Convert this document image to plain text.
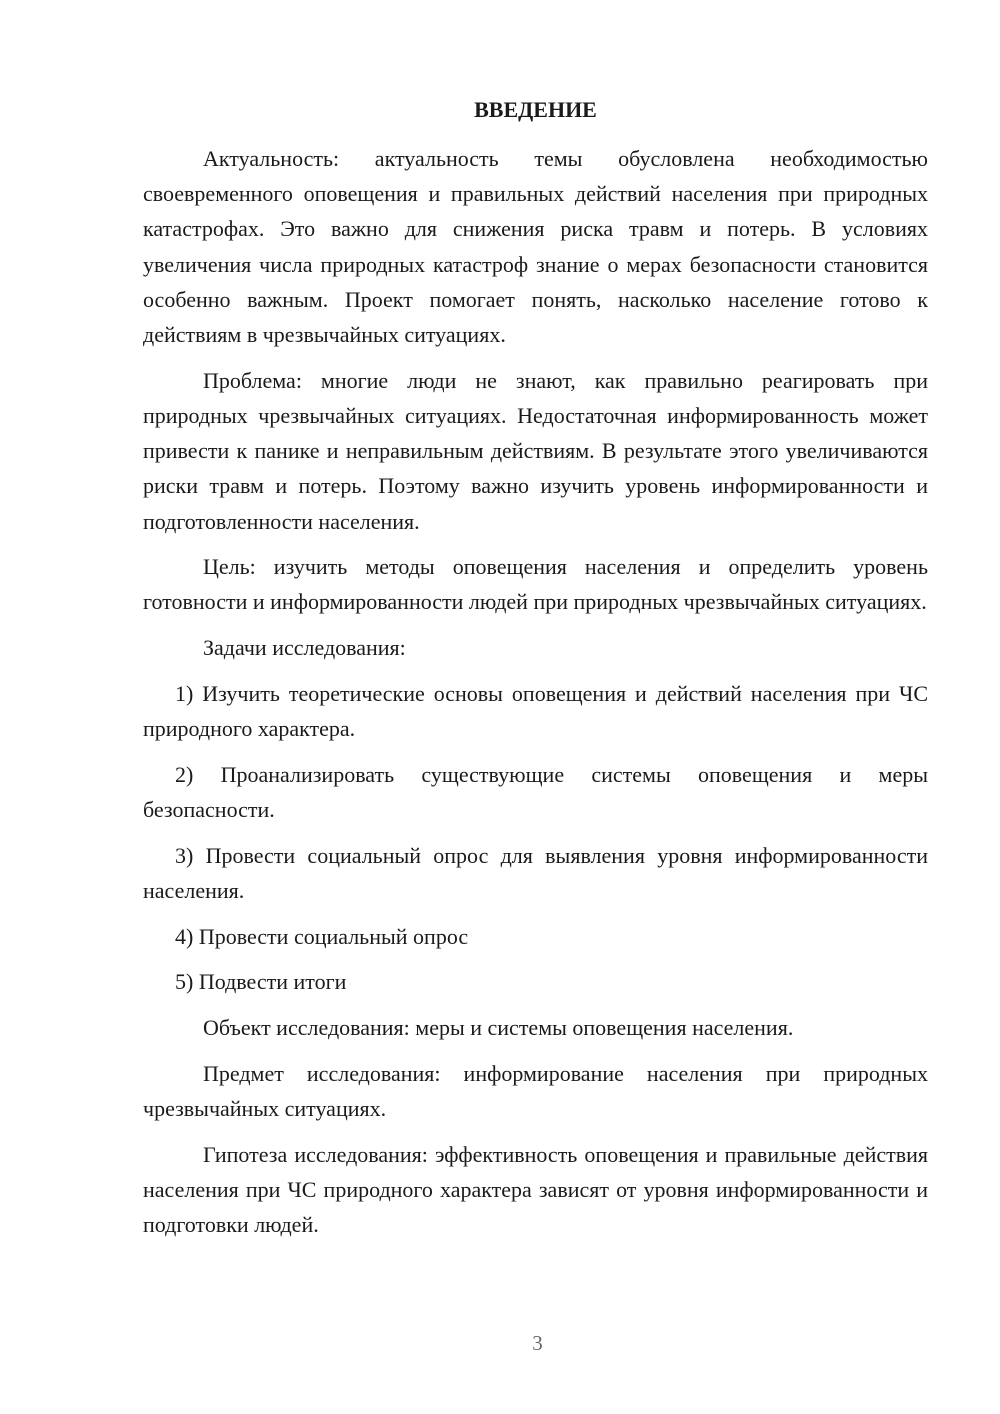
ВВЕДЕНИЕ

Актуальность: актуальность темы обусловлена необходимостью своевременного оповещения и правильных действий населения при природных катастрофах. Это важно для снижения риска травм и потерь. В условиях увеличения числа природных катастроф знание о мерах безопасности становится особенно важным. Проект помогает понять, насколько население готово к действиям в чрезвычайных ситуациях.

Проблема: многие люди не знают, как правильно реагировать при природных чрезвычайных ситуациях. Недостаточная информированность может привести к панике и неправильным действиям. В результате этого увеличиваются риски травм и потерь. Поэтому важно изучить уровень информированности и подготовленности населения.

Цель: изучить методы оповещения населения и определить уровень готовности и информированности людей при природных чрезвычайных ситуациях.

Задачи исследования:

1) Изучить теоретические основы оповещения и действий населения при ЧС природного характера.

2) Проанализировать существующие системы оповещения и меры безопасности.

3) Провести социальный опрос для выявления уровня информированности населения.

4) Провести социальный опрос

5) Подвести итоги

Объект исследования: меры и системы оповещения населения.

Предмет исследования: информирование населения при природных чрезвычайных ситуациях.

Гипотеза исследования: эффективность оповещения и правильные действия населения при ЧС природного характера зависят от уровня информированности и подготовки людей.

3
